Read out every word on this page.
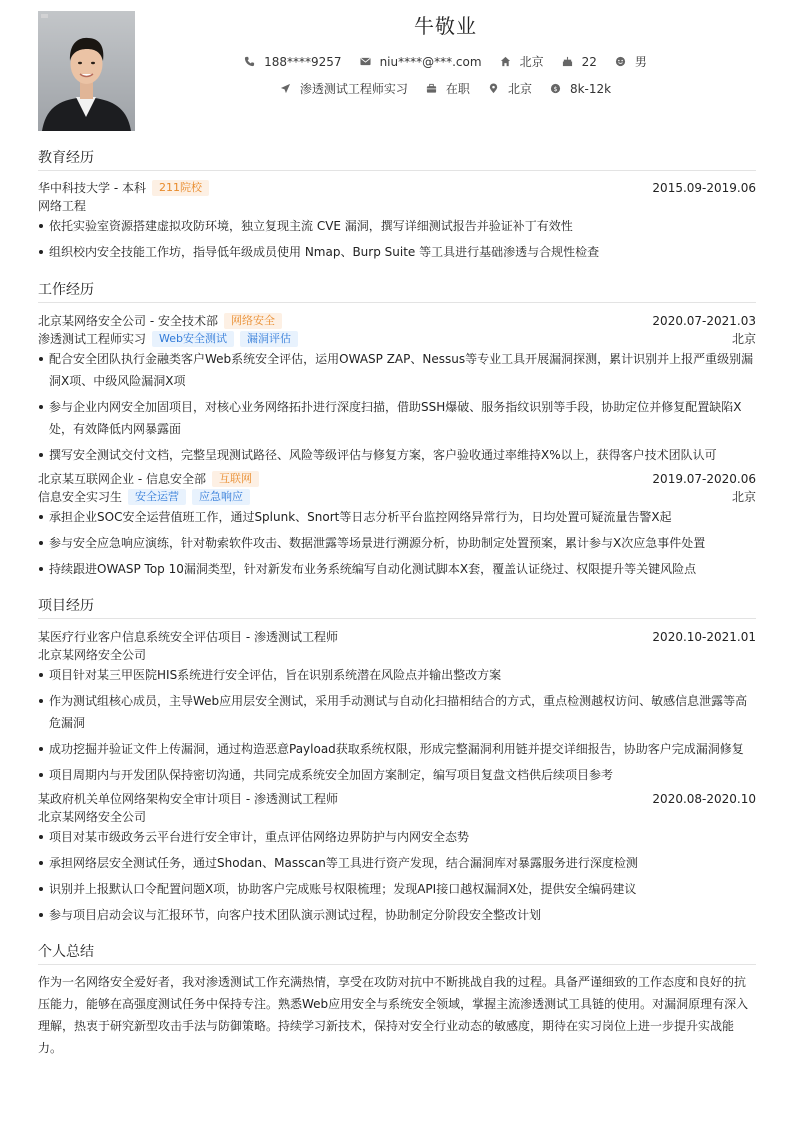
牛敬业
188****9257	niu****@***.com	北京	22	男
渗透测试工程师实习	在职	北京	$ 8k-12k
教育经历
华中科技大学 - 本科	211院校	2015.09-2019.06
网络工程
依托实验室资源搭建虚拟攻防环境，独立复现主流 CVE 漏洞，撰写详细测试报告并验证补丁有效性
组织校内安全技能工作坊，指导低年级成员使用 Nmap、Burp Suite 等工具进行基础渗透与合规性检查
工作经历
北京某网络安全公司 - 安全技术部	网络安全	2020.07-2021.03
渗透测试工程师实习	Web安全测试	漏洞评估	北京
配合安全团队执行金融类客户Web系统安全评估，运用OWASP ZAP、Nessus等专业工具开展漏洞探测，累计识别并上报严重级别漏洞X项、中级风险漏洞X项
参与企业内网安全加固项目，对核心业务网络拓扑进行深度扫描，借助SSH爆破、服务指纹识别等手段，协助定位并修复配置缺陷X处，有效降低内网暴露面
撰写安全测试交付文档，完整呈现测试路径、风险等级评估与修复方案，客户验收通过率维持X%以上，获得客户技术团队认可
北京某互联网企业 - 信息安全部	互联网	2019.07-2020.06
信息安全实习生	安全运营	应急响应	北京
承担企业SOC安全运营值班工作，通过Splunk、Snort等日志分析平台监控网络异常行为，日均处置可疑流量告警X起
参与安全应急响应演练，针对勒索软件攻击、数据泄露等场景进行溯源分析，协助制定处置预案，累计参与X次应急事件处置
持续跟进OWASP Top 10漏洞类型，针对新发布业务系统编写自动化测试脚本X套，覆盖认证绕过、权限提升等关键风险点
项目经历
某医疗行业客户信息系统安全评估项目 - 渗透测试工程师	2020.10-2021.01
北京某网络安全公司
项目针对某三甲医院HIS系统进行安全评估，旨在识别系统潜在风险点并输出整改方案
作为测试组核心成员，主导Web应用层安全测试，采用手动测试与自动化扫描相结合的方式，重点检测越权访问、敏感信息泄露等高危漏洞
成功挖掘并验证文件上传漏洞，通过构造恶意Payload获取系统权限，形成完整漏洞利用链并提交详细报告，协助客户完成漏洞修复
项目周期内与开发团队保持密切沟通，共同完成系统安全加固方案制定，编写项目复盘文档供后续项目参考
某政府机关单位网络架构安全审计项目 - 渗透测试工程师	2020.08-2020.10
北京某网络安全公司
项目对某市级政务云平台进行安全审计，重点评估网络边界防护与内网安全态势
承担网络层安全测试任务，通过Shodan、Masscan等工具进行资产发现，结合漏洞库对暴露服务进行深度检测
识别并上报默认口令配置问题X项，协助客户完成账号权限梳理；发现API接口越权漏洞X处，提供安全编码建议
参与项目启动会议与汇报环节，向客户技术团队演示测试过程，协助制定分阶段安全整改计划
个人总结

作为一名网络安全爱好者，我对渗透测试工作充满热情，享受在攻防对抗中不断挑战自我的过程。具备严谨细致的工作态度和良好的抗压能力，能够在高强度测试任务中保持专注。熟悉Web应用安全与系统安全领域，掌握主流渗透测试工具链的使用。对漏洞原理有深入理解，热衷于研究新型攻击手法与防御策略。持续学习新技术，保持对安全行业动态的敏感度，期待在实习岗位上进一步提升实战能力。
